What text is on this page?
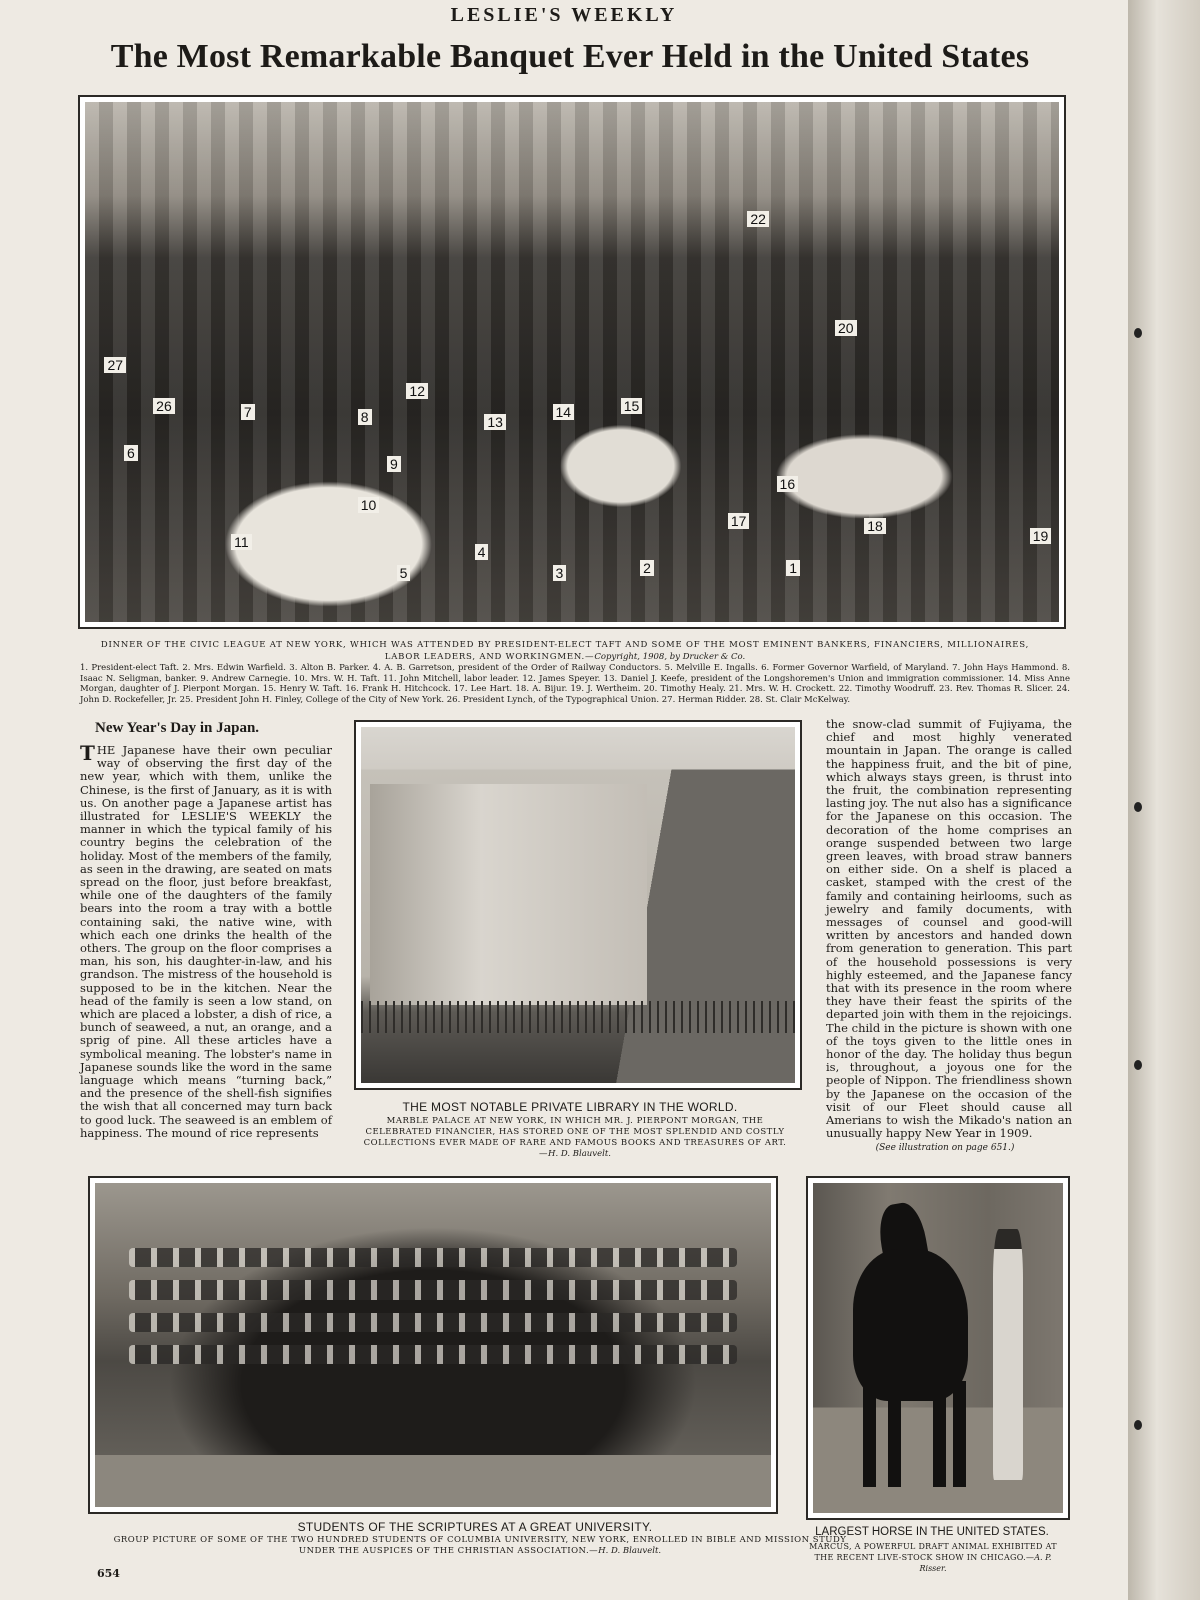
LESLIE'S WEEKLY
The Most Remarkable Banquet Ever Held in the United States
1
2
3
4
5
6
7	8
9
10
11
12
13
14	15
16
17	18
19
20
22
26
27
DINNER OF THE CIVIC LEAGUE AT NEW YORK, WHICH WAS ATTENDED BY PRESIDENT-ELECT TAFT AND SOME OF THE MOST EMINENT BANKERS, FINANCIERS, MILLIONAIRES, LABOR LEADERS, AND WORKINGMEN.—Copyright, 1908, by Drucker & Co.
1. President-elect Taft. 2. Mrs. Edwin Warfield. 3. Alton B. Parker. 4. A. B. Garretson, president of the Order of Railway Conductors. 5. Melville E. Ingalls. 6. Former Governor Warfield, of Maryland. 7. John Hays Hammond. 8. Isaac N. Seligman, banker. 9. Andrew Carnegie. 10. Mrs. W. H. Taft. 11. John Mitchell, labor leader. 12. James Speyer. 13. Daniel J. Keefe, president of the Longshoremen's Union and immigration commissioner. 14. Miss Anne Morgan, daughter of J. Pierpont Morgan. 15. Henry W. Taft. 16. Frank H. Hitchcock. 17. Lee Hart. 18. A. Bijur. 19. J. Wertheim. 20. Timothy Healy. 21. Mrs. W. H. Crockett. 22. Timothy Woodruff. 23. Rev. Thomas R. Slicer. 24. John D. Rockefeller, Jr. 25. President John H. Finley, College of the City of New York. 26. President Lynch, of the Typographical Union. 27. Herman Ridder. 28. St. Clair McKelway.
New Year's Day in Japan.
THE Japanese have their own peculiar way of observing the first day of the new year, which with them, unlike the Chinese, is the first of January, as it is with us. On another page a Japanese artist has illustrated for LESLIE'S WEEKLY the manner in which the typical family of his country begins the celebration of the holiday. Most of the members of the family, as seen in the drawing, are seated on mats spread on the floor, just before breakfast, while one of the daughters of the family bears into the room a tray with a bottle containing saki, the native wine, with which each one drinks the health of the others. The group on the floor comprises a man, his son, his daughter-in-law, and his grandson. The mistress of the household is supposed to be in the kitchen. Near the head of the family is seen a low stand, on which are placed a lobster, a dish of rice, a bunch of seaweed, a nut, an orange, and a sprig of pine. All these articles have a symbolical meaning. The lobster's name in Japanese sounds like the word in the same language which means “turning back,” and the presence of the shell-fish signifies the wish that all concerned may turn back to good luck. The seaweed is an emblem of happiness. The mound of rice represents
THE MOST NOTABLE PRIVATE LIBRARY IN THE WORLD.
MARBLE PALACE AT NEW YORK, IN WHICH MR. J. PIERPONT MORGAN, THE CELEBRATED FINANCIER, HAS STORED ONE OF THE MOST SPLENDID AND COSTLY COLLECTIONS EVER MADE OF RARE AND FAMOUS BOOKS AND TREASURES OF ART.—H. D. Blauvelt.
the snow-clad summit of Fujiyama, the chief and most highly venerated mountain in Japan. The orange is called the happiness fruit, and the bit of pine, which always stays green, is thrust into the fruit, the combination representing lasting joy. The nut also has a significance for the Japanese on this occasion. The decoration of the home comprises an orange suspended between two large green leaves, with broad straw banners on either side. On a shelf is placed a casket, stamped with the crest of the family and containing heirlooms, such as jewelry and family documents, with messages of counsel and good-will written by ancestors and handed down from generation to generation. This part of the household possessions is very highly esteemed, and the Japanese fancy that with its presence in the room where they have their feast the spirits of the departed join with them in the rejoicings. The child in the picture is shown with one of the toys given to the little ones in honor of the day. The holiday thus begun is, throughout, a joyous one for the people of Nippon. The friendliness shown by the Japanese on the occasion of the visit of our Fleet should cause all Amerians to wish the Mikado's nation an unusually happy New Year in 1909.
(See illustration on page 651.)
STUDENTS OF THE SCRIPTURES AT A GREAT UNIVERSITY.
GROUP PICTURE OF SOME OF THE TWO HUNDRED STUDENTS OF COLUMBIA UNIVERSITY, NEW YORK, ENROLLED IN BIBLE AND MISSION STUDY UNDER THE AUSPICES OF THE CHRISTIAN ASSOCIATION.—H. D. Blauvelt.
LARGEST HORSE IN THE UNITED STATES.
MARCUS, A POWERFUL DRAFT ANIMAL EXHIBITED AT THE RECENT LIVE-STOCK SHOW IN CHICAGO.—A. P. Risser.
654
